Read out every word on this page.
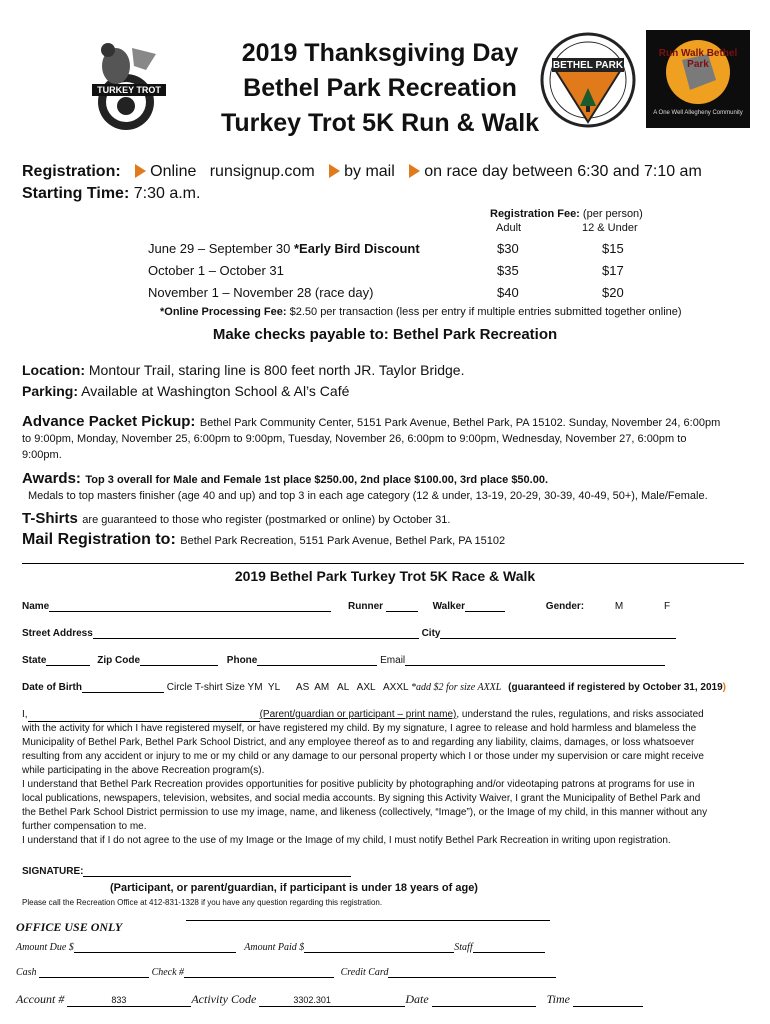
TURKEY TROT
BETHEL PARK
Run Walk Bethel Park
A One Well Allegheny Community
2019 Thanksgiving Day
Bethel Park Recreation
Turkey Trot 5K Run & Walk
Registration: Online   runsignup.com by mail on race day between 6:30 and 7:10 am
Starting Time: 7:30 a.m.
Registration Fee: (per person)
Adult	12 & Under
June 29 – September 30 *Early Bird Discount	$30	$15
October 1 – October 31	$35	$17
November 1 – November 28 (race day)	$40	$20
*Online Processing Fee: $2.50 per transaction (less per entry if multiple entries submitted together online)
Make checks payable to: Bethel Park Recreation
Location: Montour Trail, staring line is 800 feet north JR. Taylor Bridge.
Parking: Available at Washington School & Al’s Café
Advance Packet Pickup: Bethel Park Community Center, 5151 Park Avenue, Bethel Park, PA 15102. Sunday, November 24, 6:00pm
to 9:00pm, Monday, November 25, 6:00pm to 9:00pm, Tuesday, November 26, 6:00pm to 9:00pm, Wednesday, November 27, 6:00pm to
9:00pm.
Awards: Top 3 overall for Male and Female 1st place $250.00, 2nd place $100.00, 3rd place $50.00.
Medals to top masters finisher (age 40 and up) and top 3 in each age category (12 & under, 13-19, 20-29, 30-39, 40-49, 50+), Male/Female.
T-Shirts are guaranteed to those who register (postmarked or online) by October 31.
Mail Registration to: Bethel Park Recreation, 5151 Park Avenue, Bethel Park, PA 15102
2019 Bethel Park Turkey Trot 5K Race & Walk
Name	Runner	Walker	Gender:	M	F
Street Address	City
State	Zip Code	Phone	Email
Date of Birth	Circle T-shirt Size YM  YL      AS  AM   AL   AXL   AXXL *add $2 for size AXXL (guaranteed if registered by October 31, 2019)

I,	(Parent/guardian or participant – print name), understand the rules, regulations, and risks associated

with the activity for which I have registered myself, or have registered my child. By my signature, I agree to release and hold harmless and blameless the

Municipality of Bethel Park, Bethel Park School District, and any employee thereof as to and regarding any liability, claims, damages, or loss whatsoever

resulting from any accident or injury to me or my child or any damage to our personal property which I or those under my supervision or care might receive

while participating in the above Recreation program(s).

I understand that Bethel Park Recreation provides opportunities for positive publicity by photographing and/or videotaping patrons at programs for use in

local publications, newspapers, television, websites, and social media accounts. By signing this Activity Waiver, I grant the Municipality of Bethel Park and

the Bethel Park School District permission to use my image, name, and likeness (collectively, “Image”), or the Image of my child, in this manner without any

further compensation to me.

I understand that if I do not agree to the use of my Image or the Image of my child, I must notify Bethel Park Recreation in writing upon registration.

SIGNATURE:
(Participant, or parent/guardian, if participant is under 18 years of age)
Please call the Recreation Office at 412-831-1328 if you have any question regarding this registration.
OFFICE USE ONLY
Amount Due $	Amount Paid $	Staff
Cash	Check #	Credit Card
Account #	833	Activity Code	3302.301	Date	Time
